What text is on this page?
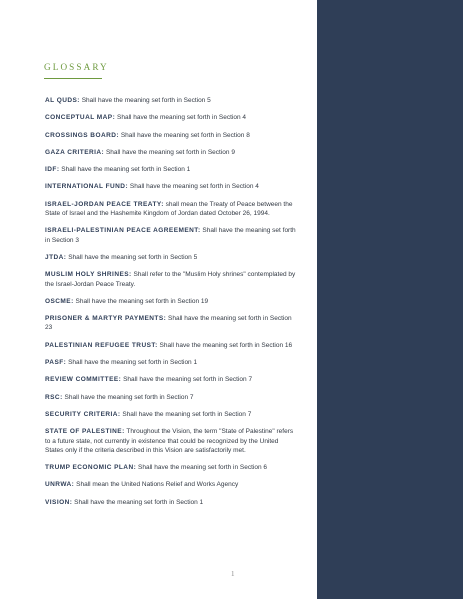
GLOSSARY
AL QUDS: Shall have the meaning set forth in Section 5
CONCEPTUAL MAP: Shall have the meaning set forth in Section 4
CROSSINGS BOARD: Shall have the meaning set forth in Section 8
GAZA CRITERIA: Shall have the meaning set forth in Section 9
IDF: Shall have the meaning set forth in Section 1
INTERNATIONAL FUND: Shall have the meaning set forth in Section 4
ISRAEL-JORDAN PEACE TREATY: shall mean the Treaty of Peace between the State of Israel and the Hashemite Kingdom of Jordan dated October 26, 1994.
ISRAELI-PALESTINIAN PEACE AGREEMENT: Shall have the meaning set forth in Section 3
JTDA: Shall have the meaning set forth in Section 5
MUSLIM HOLY SHRINES: Shall refer to the "Muslim Holy shrines" contemplated by the Israel-Jordan Peace Treaty.
OSCME: Shall have the meaning set forth in Section 19
PRISONER & MARTYR PAYMENTS: Shall have the meaning set forth in Section 23
PALESTINIAN REFUGEE TRUST: Shall have the meaning set forth in Section 16
PASF: Shall have the meaning set forth in Section 1
REVIEW COMMITTEE: Shall have the meaning set forth in Section 7
RSC: Shall have the meaning set forth in Section 7
SECURITY CRITERIA: Shall have the meaning set forth in Section 7
STATE OF PALESTINE: Throughout the Vision, the term "State of Palestine" refers to a future state, not currently in existence that could be recognized by the United States only if the criteria described in this Vision are satisfactorily met.
TRUMP ECONOMIC PLAN: Shall have the meaning set forth in Section 6
UNRWA: Shall mean the United Nations Relief and Works Agency
VISION: Shall have the meaning set forth in Section 1
1
